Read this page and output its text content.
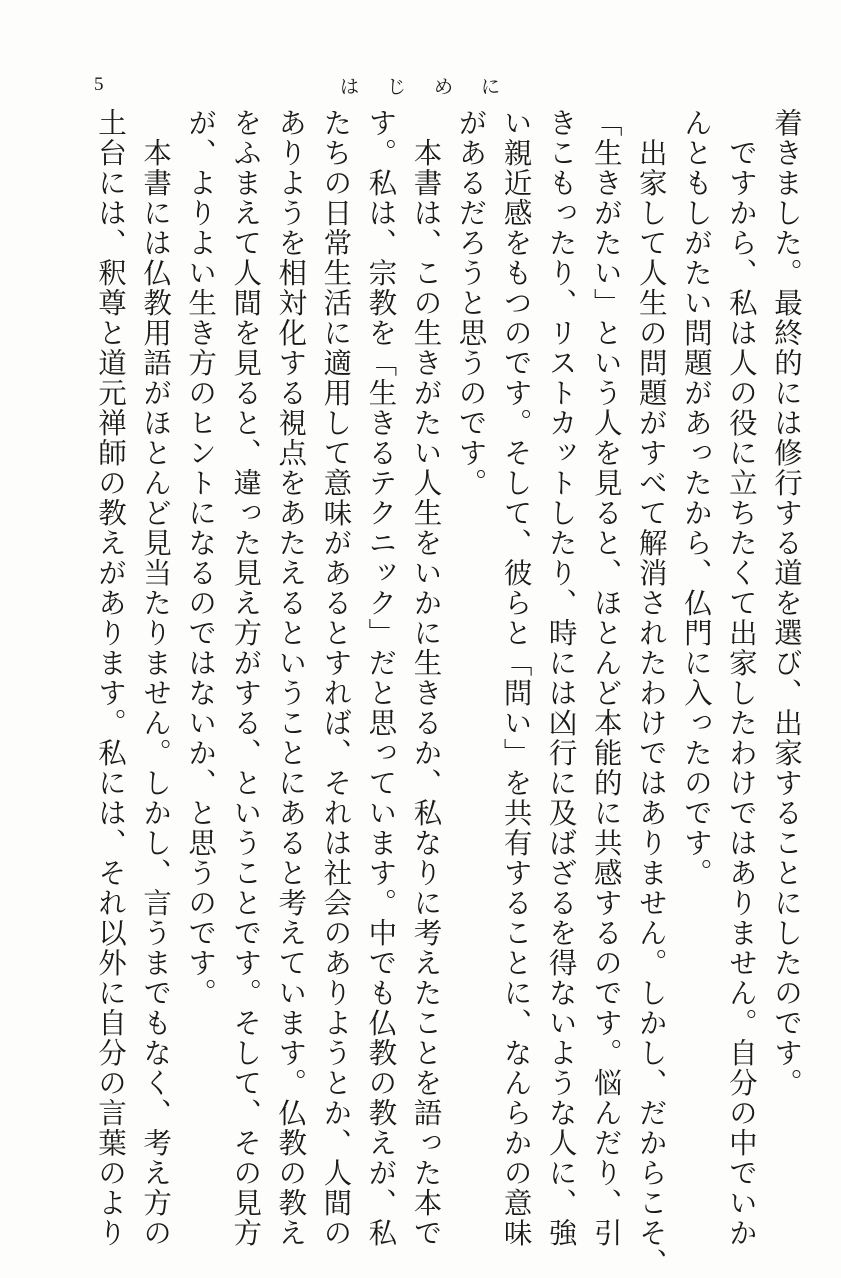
5	は じ め に
着きました。最終的には修行する道を選び、出家することにしたのです。
　ですから、私は人の役に立ちたくて出家したわけではありません。自分の中でいか
んともしがたい問題があったから、仏門に入ったのです。
　出家して人生の問題がすべて解消されたわけではありません。しかし、だからこそ、
「生きがたい」という人を見ると、ほとんど本能的に共感するのです。悩んだり、引
きこもったり、リストカットしたり、時には凶行に及ばざるを得ないような人に、強
い親近感をもつのです。そして、彼らと「問い」を共有することに、なんらかの意味
があるだろうと思うのです。
　本書は、この生きがたい人生をいかに生きるか、私なりに考えたことを語った本で
す。私は、宗教を「生きるテクニック」だと思っています。中でも仏教の教えが、私
たちの日常生活に適用して意味があるとすれば、それは社会のありようとか、人間の
ありようを相対化する視点をあたえるということにあると考えています。仏教の教え
をふまえて人間を見ると、違った見え方がする、ということです。そして、その見方
が、よりよい生き方のヒントになるのではないか、と思うのです。
　本書には仏教用語がほとんど見当たりません。しかし、言うまでもなく、考え方の
土台には、釈尊と道元禅師の教えがあります。私には、それ以外に自分の言葉のより
